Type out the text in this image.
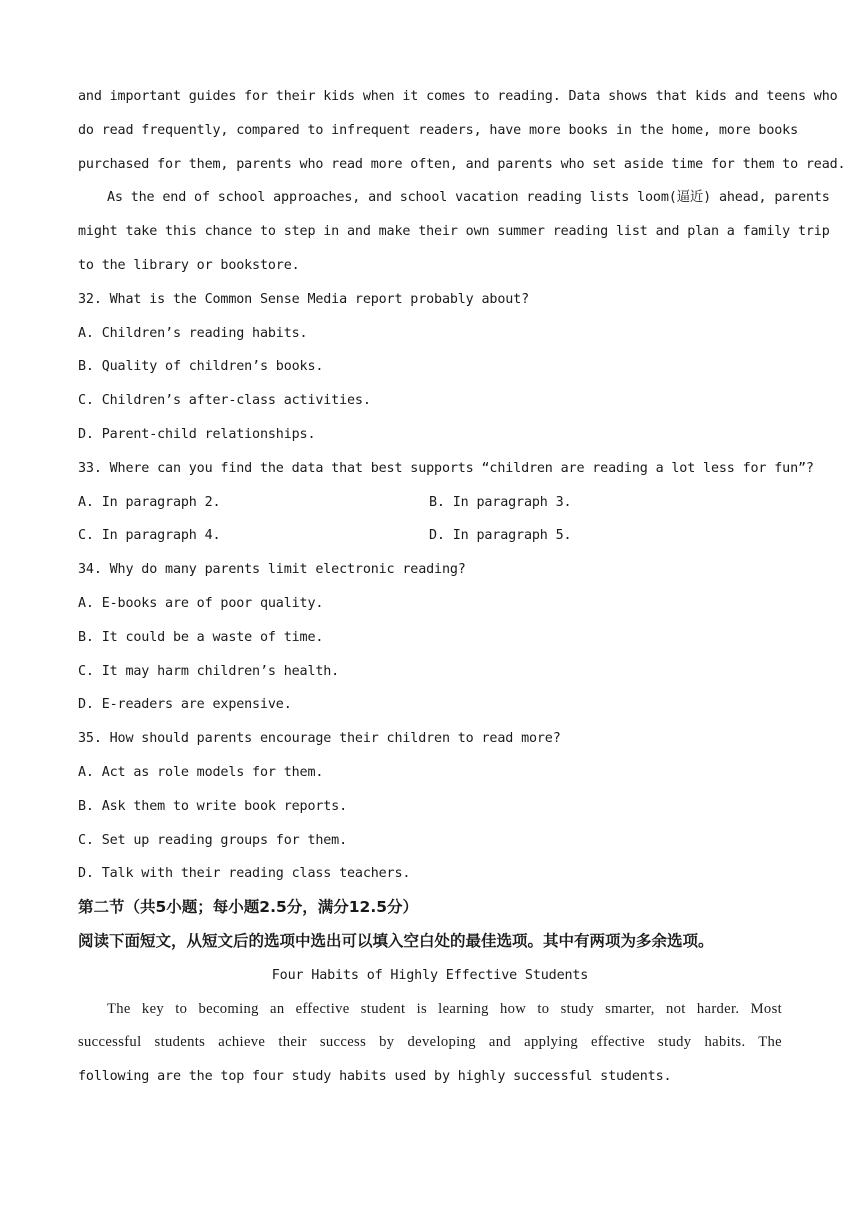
and important guides for their kids when it comes to reading. Data shows that kids and teens who
do read frequently, compared to infrequent readers, have more books in the home, more books
purchased for them, parents who read more often, and parents who set aside time for them to read.
As the end of school approaches, and school vacation reading lists loom(逼近) ahead, parents
might take this chance to step in and make their own summer reading list and plan a family trip
to the library or bookstore.
32. What is the Common Sense Media report probably about?
A. Children’s reading habits.
B. Quality of children’s books.
C. Children’s after-class activities.
D. Parent-child relationships.
33. Where can you find the data that best supports “children are reading a lot less for fun”?
A. In paragraph 2.	B. In paragraph 3.
C. In paragraph 4.	D. In paragraph 5.
34. Why do many parents limit electronic reading?
A. E-books are of poor quality.
B. It could be a waste of time.
C. It may harm children’s health.
D. E-readers are expensive.
35. How should parents encourage their children to read more?
A. Act as role models for them.
B. Ask them to write book reports.
C. Set up reading groups for them.
D. Talk with their reading class teachers.
第二节（共5小题；每小题2.5分，满分12.5分）
阅读下面短文，从短文后的选项中选出可以填入空白处的最佳选项。其中有两项为多余选项。
Four Habits of Highly Effective Students
The key to becoming an effective student is learning how to study smarter, not harder. Most
successful students achieve their success by developing and applying effective study habits. The
following are the top four study habits used by highly successful students.
